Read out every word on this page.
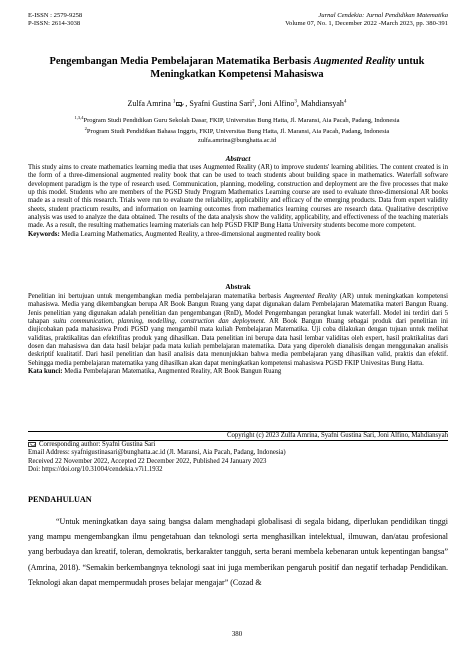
E-ISSN : 2579-9258
P-ISSN: 2614-3038
Jurnal Cendekia: Jurnal Pendidikan Matematika
Volume 07, No. 1, December 2022 -March 2023, pp. 380-391
Pengembangan Media Pembelajaran Matematika Berbasis Augmented Reality untuk Meningkatkan Kompetensi Mahasiswa
Zulfa Amrina $^1$ , Syafni Gustina Sari$^2$, Joni Alfino$^3$, Mahdiansyah$^4$
$^{1,3,4}$Program Studi Pendidikan Guru Sekolah Dasar, FKIP, Universitas Bung Hatta, Jl. Maransi, Aia Pacah, Padang, Indonesia
$^2$Program Studi Pendidikan Bahasa Inggris, FKIP, Universitas Bung Hatta, Jl. Maransi, Aia Pacah, Padang, Indonesia
zulfa.amrina@bunghatta.ac.id
Abstract
This study aims to create mathematics learning media that uses Augmented Reality (AR) to improve students' learning abilities. The content created is in the form of a three-dimensional augmented reality book that can be used to teach students about building space in mathematics. Waterfall software development paradigm is the type of research used. Communication, planning, modeling, construction and deployment are the five processes that make up this model. Students who are members of the PGSD Study Program Mathematics Learning course are used to evaluate three-dimensional AR books made as a result of this research. Trials were run to evaluate the reliability, applicability and efficacy of the emerging products. Data from expert validity sheets, student practicum results, and information on learning outcomes from mathematics learning courses are research data. Qualitative descriptive analysis was used to analyze the data obtained. The results of the data analysis show the validity, applicability, and effectiveness of the teaching materials made. As a result, the resulting mathematics learning materials can help PGSD FKIP Bung Hatta University students become more competent.
Keywords: Media Learning Mathematics, Augmented Reality, a three-dimensional augmented reality book
Abstrak
Penelitian ini bertujuan untuk mengembangkan media pembelajaran matematika berbasis Augmented Reality (AR) untuk meningkatkan kompetensi mahasiswa. Media yang dikembangkan berupa AR Book Bangun Ruang yang dapat digunakan dalam Pembelajaran Matematika materi Bangun Ruang. Jenis penelitian yang digunakan adalah penelitian dan pengembangan (RnD), Model Pengembangan perangkat lunak waterfall. Model ini terdiri dari 5 tahapan suitu communication, planning, modelling, construction dan deployment. AR Book Bangun Ruang sebagai produk dari penelitian ini diujicobakan pada mahasiswa Prodi PGSD yang mengambil mata kuliah Pembelajaran Matematika. Uji coba dilakukan dengan tujuan untuk melihat validitas, praktikalitas dan efektifitas produk yang dihasilkan. Data penelitian ini berupa data hasil lembar validitas oleh expert, hasil praktikalitas dari dosen dan mahasiswa dan data hasil belajar pada mata kuliah pembelajaran matematika. Data yang diperoleh dianalisis dengan menggunakan analisis deskriptif kualitatif. Dari hasil penelitian dan hasil analisis data menunjukkan bahwa media pembelajaran yang dihasilkan valid, praktis dan efektif. Sehingga media pembelajaran matematika yang dihasilkan akan dapat meningkatkan kompetensi mahasiswa PGSD FKIP Univesitas Bung Hatta.
Kata kunci: Media Pembelajaran Matematika, Augmented Reality, AR Book Bangun Ruang
Copyright (c) 2023 Zulfa Amrina, Syafni Gustina Sari, Joni Alfino, Mahdiansyah
Corresponding author: Syafni Gustina Sari
Email Address: syafnigustinasari@bunghatta.ac.id (Jl. Maransi, Aia Pacah, Padang, Indonesia)
Received 22 November 2022, Accepted 22 December 2022, Published 24 January 2023
Doi: https://doi.org/10.31004/cendekia.v7i1.1932
PENDAHULUAN
“Untuk meningkatkan daya saing bangsa dalam menghadapi globalisasi di segala bidang, diperlukan pendidikan tinggi yang mampu mengembangkan ilmu pengetahuan dan teknologi serta menghasilkan intelektual, ilmuwan, dan/atau profesional yang berbudaya dan kreatif, toleran, demokratis, berkarakter tangguh, serta berani membela kebenaran untuk kepentingan bangsa” (Amrina, 2018). “Semakin berkembangnya teknologi saat ini juga memberikan pengaruh positif dan negatif terhadap Pendidikan. Teknologi akan dapat mempermudah proses belajar mengajar” (Cozad &
380
